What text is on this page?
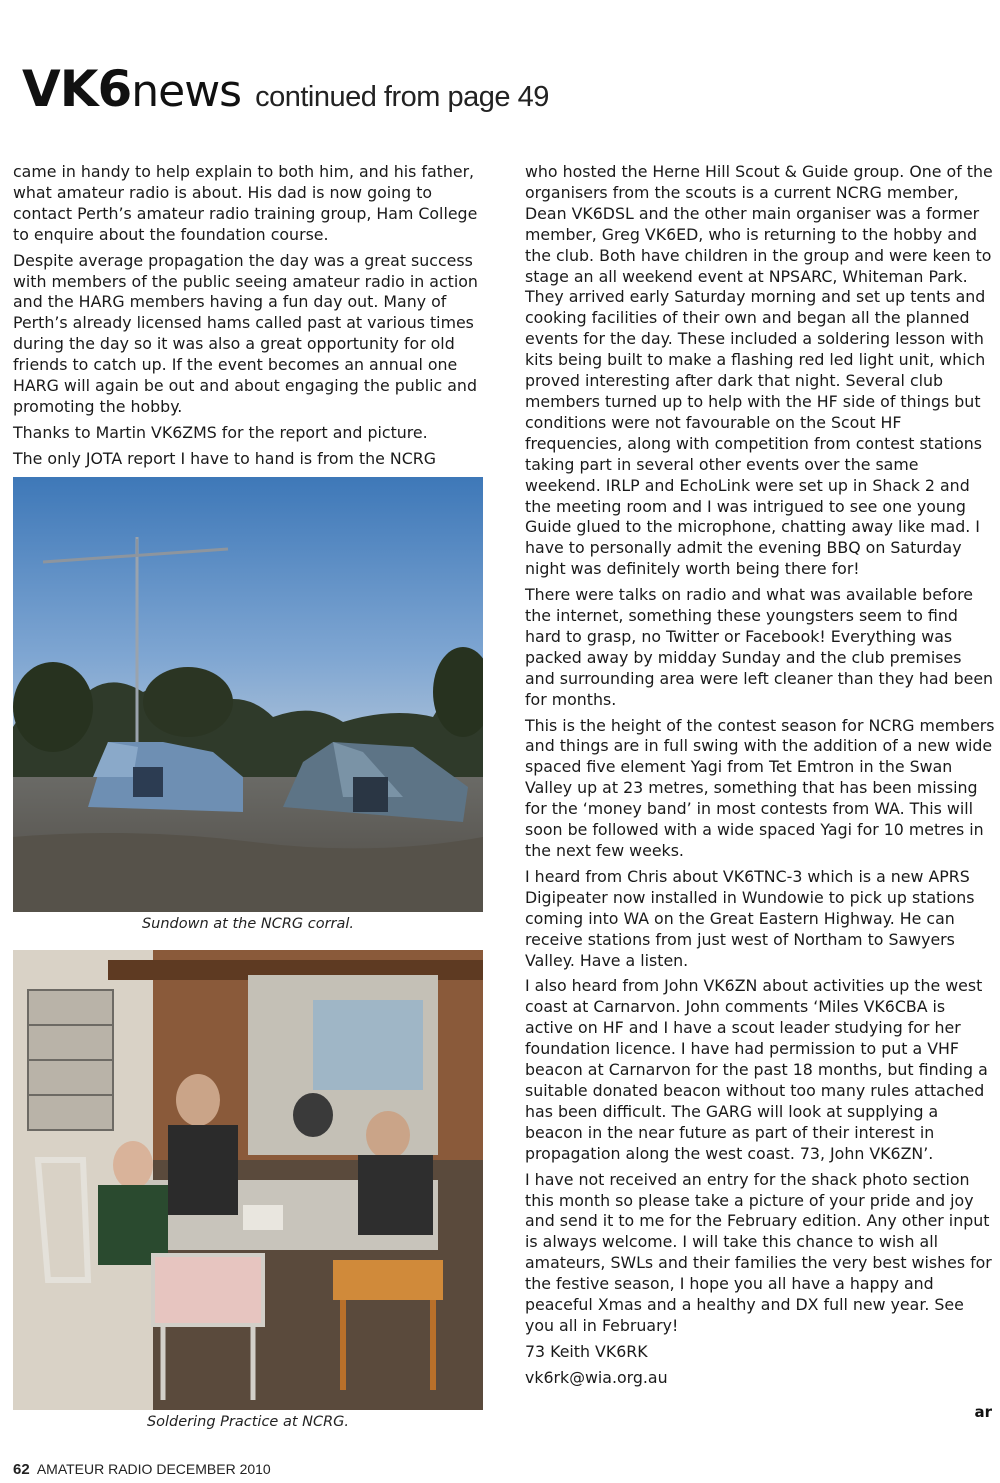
VK6news continued from page 49

came in handy to help explain to both him, and his father, what amateur radio is about. His dad is now going to contact Perth’s amateur radio training group, Ham College to enquire about the foundation course.

Despite average propagation the day was a great success with members of the public seeing amateur radio in action and the HARG members having a fun day out. Many of Perth’s already licensed hams called past at various times during the day so it was also a great opportunity for old friends to catch up. If the event becomes an annual one HARG will again be out and about engaging the public and promoting the hobby.

Thanks to Martin VK6ZMS for the report and picture.

The only JOTA report I have to hand is from the NCRG

Sundown at the NCRG corral.
Soldering Practice at NCRG.

who hosted the Herne Hill Scout & Guide group. One of the organisers from the scouts is a current NCRG member, Dean VK6DSL and the other main organiser was a former member, Greg VK6ED, who is returning to the hobby and the club. Both have children in the group and were keen to stage an all weekend event at NPSARC, Whiteman Park. They arrived early Saturday morning and set up tents and cooking facilities of their own and began all the planned events for the day. These included a soldering lesson with kits being built to make a flashing red led light unit, which proved interesting after dark that night. Several club members turned up to help with the HF side of things but conditions were not favourable on the Scout HF frequencies, along with competition from contest stations taking part in several other events over the same weekend. IRLP and EchoLink were set up in Shack 2 and the meeting room and I was intrigued to see one young Guide glued to the microphone, chatting away like mad. I have to personally admit the evening BBQ on Saturday night was definitely worth being there for!

There were talks on radio and what was available before the internet, something these youngsters seem to find hard to grasp, no Twitter or Facebook! Everything was packed away by midday Sunday and the club premises and surrounding area were left cleaner than they had been for months.

This is the height of the contest season for NCRG members and things are in full swing with the addition of a new wide spaced five element Yagi from Tet Emtron in the Swan Valley up at 23 metres, something that has been missing for the ‘money band’ in most contests from WA. This will soon be followed with a wide spaced Yagi for 10 metres in the next few weeks.

I heard from Chris about VK6TNC-3 which is a new APRS Digipeater now installed in Wundowie to pick up stations coming into WA on the Great Eastern Highway. He can receive stations from just west of Northam to Sawyers Valley. Have a listen.

I also heard from John VK6ZN about activities up the west coast at Carnarvon. John comments ‘Miles VK6CBA is active on HF and I have a scout leader studying for her foundation licence. I have had permission to put a VHF beacon at Carnarvon for the past 18 months, but finding a suitable donated beacon without too many rules attached has been difficult. The GARG will look at supplying a beacon in the near future as part of their interest in propagation along the west coast. 73, John VK6ZN’.

I have not received an entry for the shack photo section this month so please take a picture of your pride and joy and send it to me for the February edition. Any other input is always welcome. I will take this chance to wish all amateurs, SWLs and their families the very best wishes for the festive season, I hope you all have a happy and peaceful Xmas and a healthy and DX full new year. See you all in February!

73 Keith VK6RK

vk6rk@wia.org.au

ar
62 AMATEUR RADIO DECEMBER 2010
